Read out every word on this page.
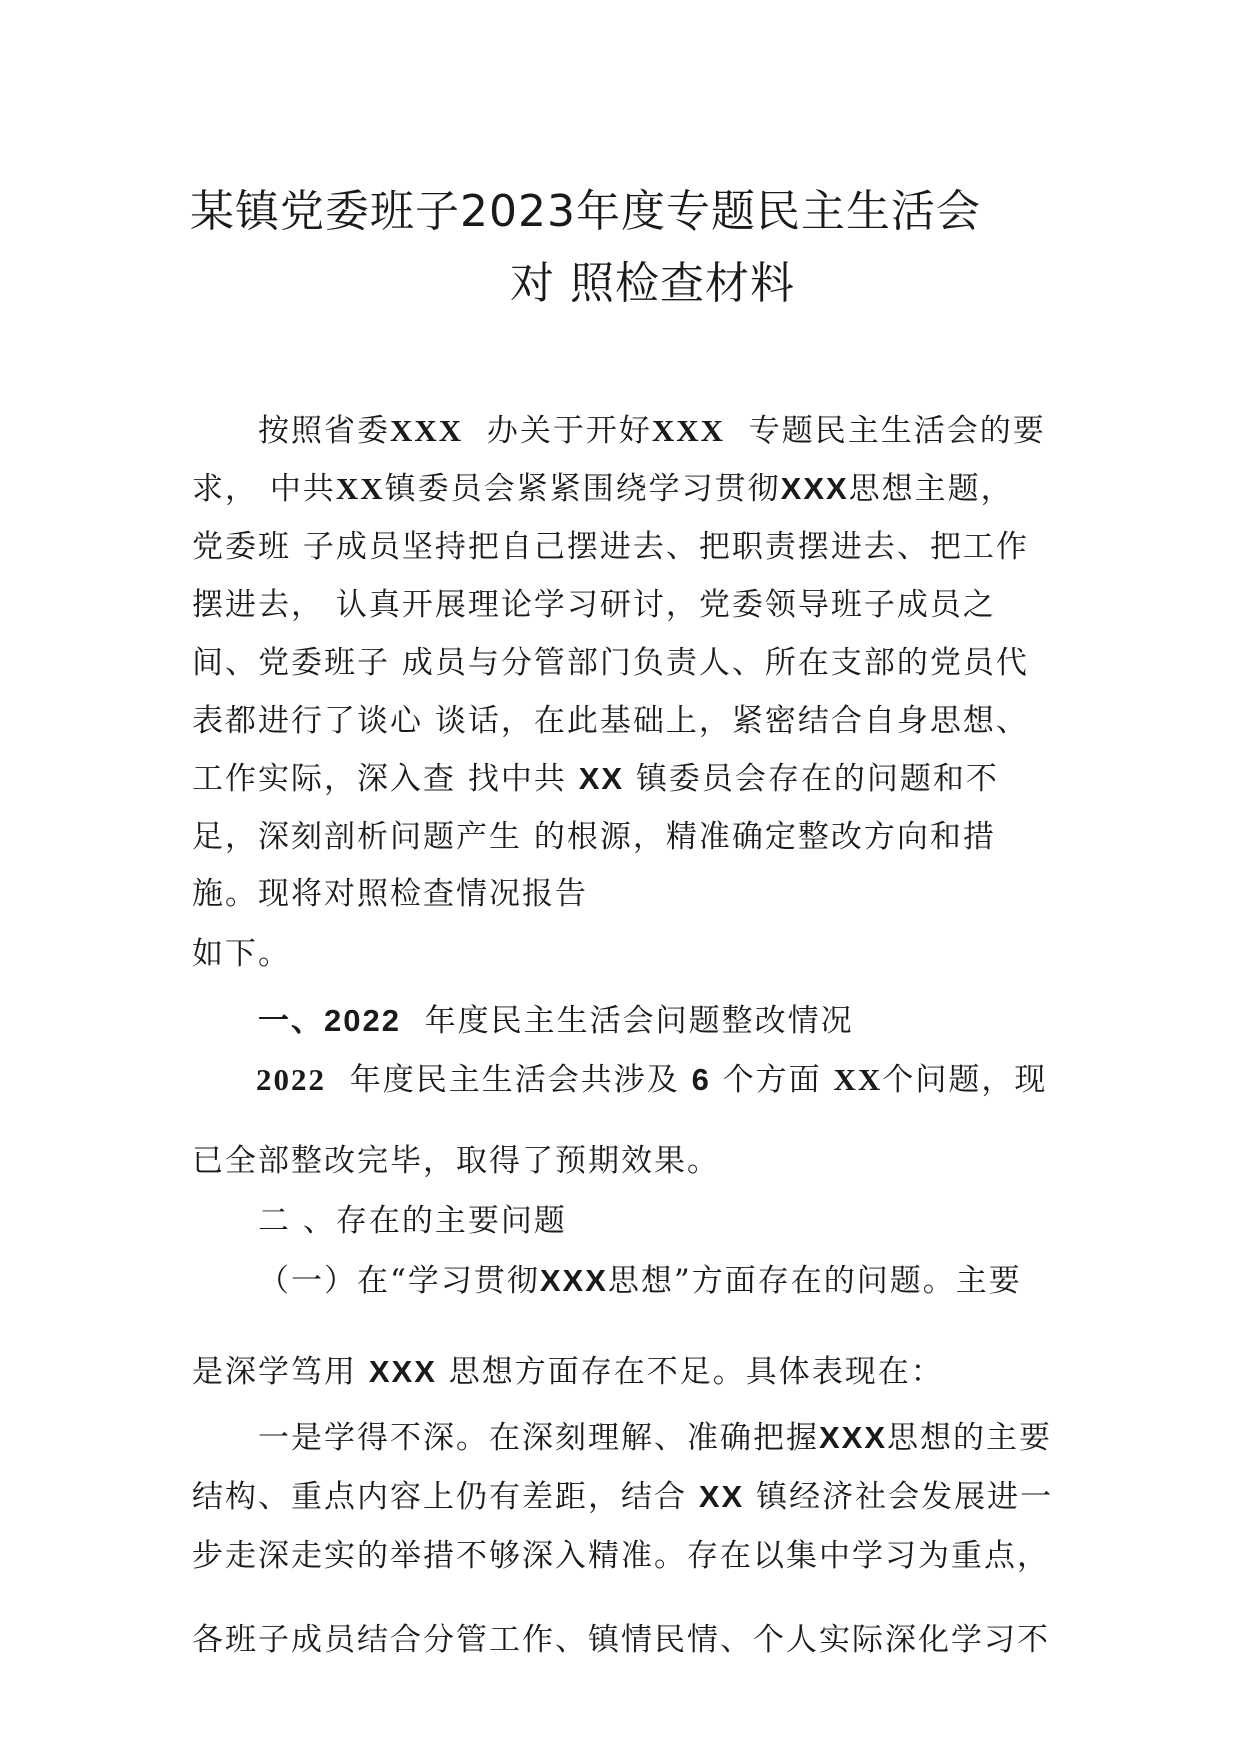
某镇党委班子2023年度专题民主生活会
对 照检查材料
按照省委XXX 办关于开好XXX 专题民主生活会的要
求， 中共XX镇委员会紧紧围绕学习贯彻XXX思想主题，
党委班 子成员坚持把自己摆进去、把职责摆进去、把工作
摆进去， 认真开展理论学习研讨，党委领导班子成员之
间、党委班子 成员与分管部门负责人、所在支部的党员代
表都进行了谈心 谈话，在此基础上，紧密结合自身思想、
工作实际，深入查 找中共 XX 镇委员会存在的问题和不
足，深刻剖析问题产生 的根源，精准确定整改方向和措
施。现将对照检查情况报告
如下。
一、2022 年度民主生活会问题整改情况
2022 年度民主生活会共涉及 6 个方面 XX个问题，现
已全部整改完毕，取得了预期效果。
二 、存在的主要问题
（一）在“学习贯彻XXX思想”方面存在的问题。主要
是深学笃用 XXX 思想方面存在不足。具体表现在：
一是学得不深。在深刻理解、准确把握XXX思想的主要
结构、重点内容上仍有差距，结合 XX 镇经济社会发展进一
步走深走实的举措不够深入精准。存在以集中学习为重点，
各班子成员结合分管工作、镇情民情、个人实际深化学习不
